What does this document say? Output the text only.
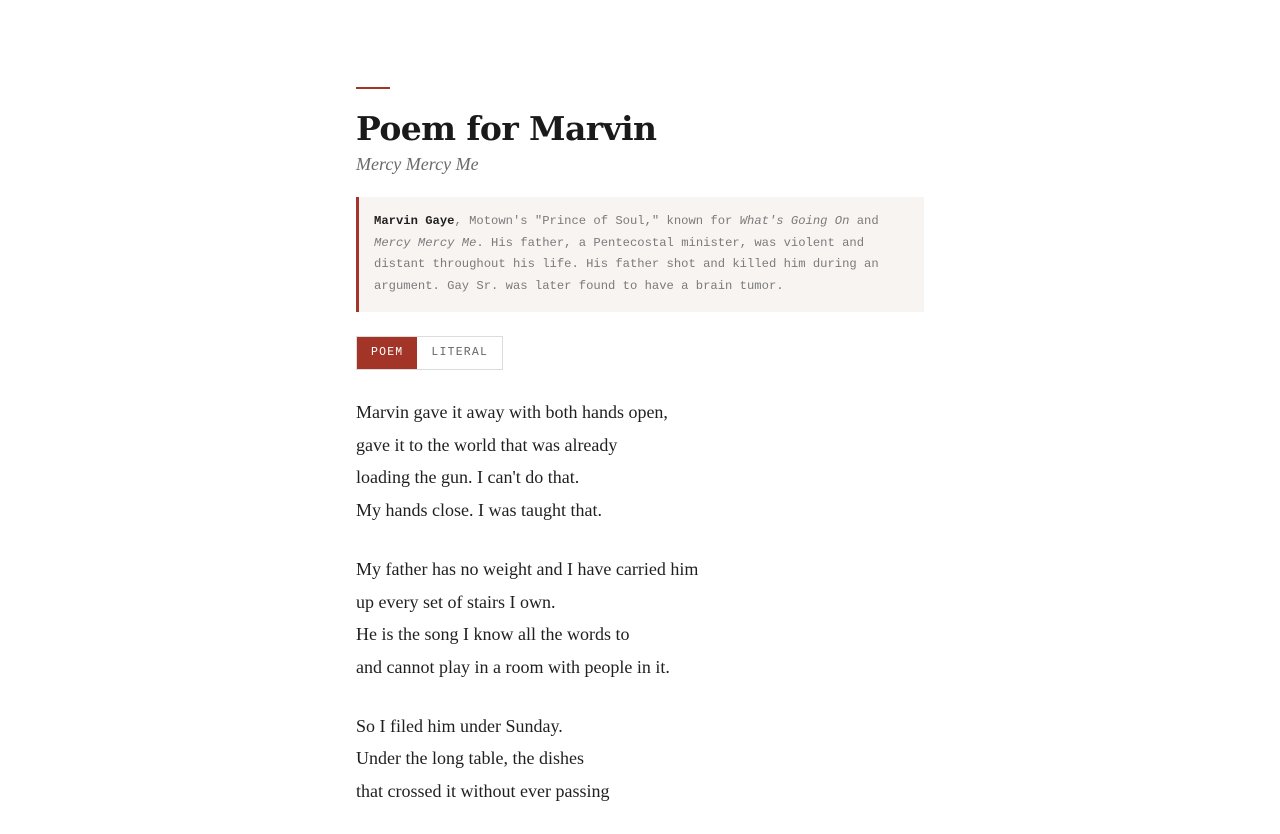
Poem for Marvin
Mercy Mercy Me
Marvin Gaye, Motown's "Prince of Soul," known for What's Going On and Mercy Mercy Me. His father, a Pentecostal minister, was violent and distant throughout his life. His father shot and killed him during an argument. Gay Sr. was later found to have a brain tumor.
POEM	LITERAL
Marvin gave it away with both hands open,
gave it to the world that was already
loading the gun. I can't do that.
My hands close. I was taught that.
My father has no weight and I have carried him
up every set of stairs I own.
He is the song I know all the words to
and cannot play in a room with people in it.
So I filed him under Sunday.
Under the long table, the dishes
that crossed it without ever passing
